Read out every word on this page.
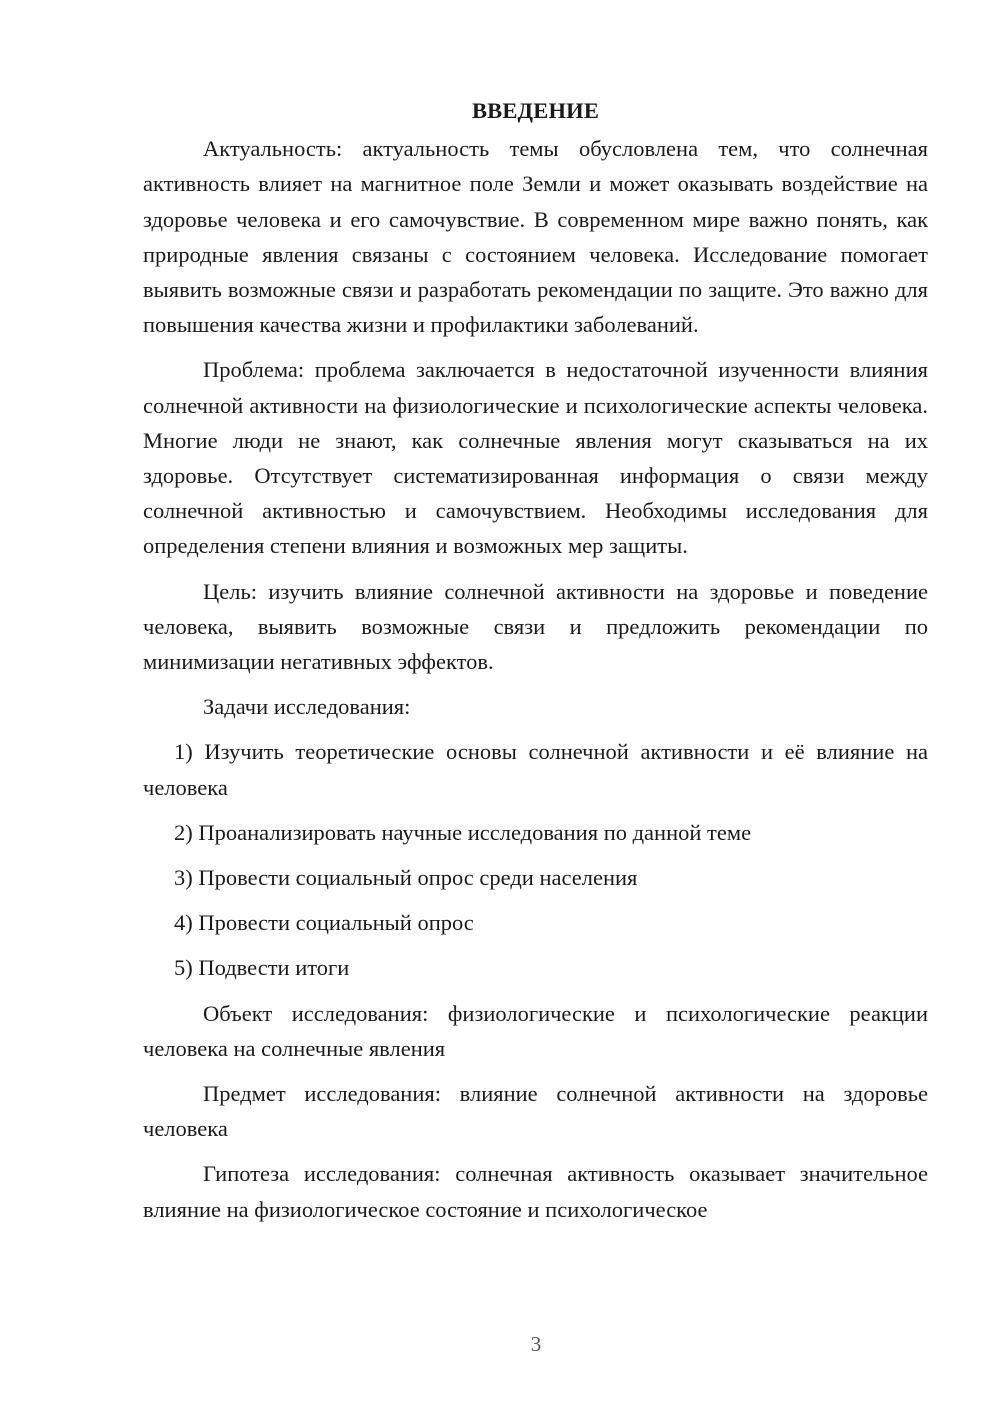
ВВЕДЕНИЕ

Актуальность: актуальность темы обусловлена тем, что солнечная активность влияет на магнитное поле Земли и может оказывать воздействие на здоровье человека и его самочувствие. В современном мире важно понять, как природные явления связаны с состоянием человека. Исследование помогает выявить возможные связи и разработать рекомендации по защите. Это важно для повышения качества жизни и профилактики заболеваний.

Проблема: проблема заключается в недостаточной изученности влияния солнечной активности на физиологические и психологические аспекты человека. Многие люди не знают, как солнечные явления могут сказываться на их здоровье. Отсутствует систематизированная информация о связи между солнечной активностью и самочувствием. Необходимы исследования для определения степени влияния и возможных мер защиты.

Цель: изучить влияние солнечной активности на здоровье и поведение человека, выявить возможные связи и предложить рекомендации по минимизации негативных эффектов.

Задачи исследования:

1) Изучить теоретические основы солнечной активности и её влияние на человека

2) Проанализировать научные исследования по данной теме

3) Провести социальный опрос среди населения

4) Провести социальный опрос

5) Подвести итоги

Объект исследования: физиологические и психологические реакции человека на солнечные явления

Предмет исследования: влияние солнечной активности на здоровье человека

Гипотеза исследования: солнечная активность оказывает значительное влияние на физиологическое состояние и психологическое

3
